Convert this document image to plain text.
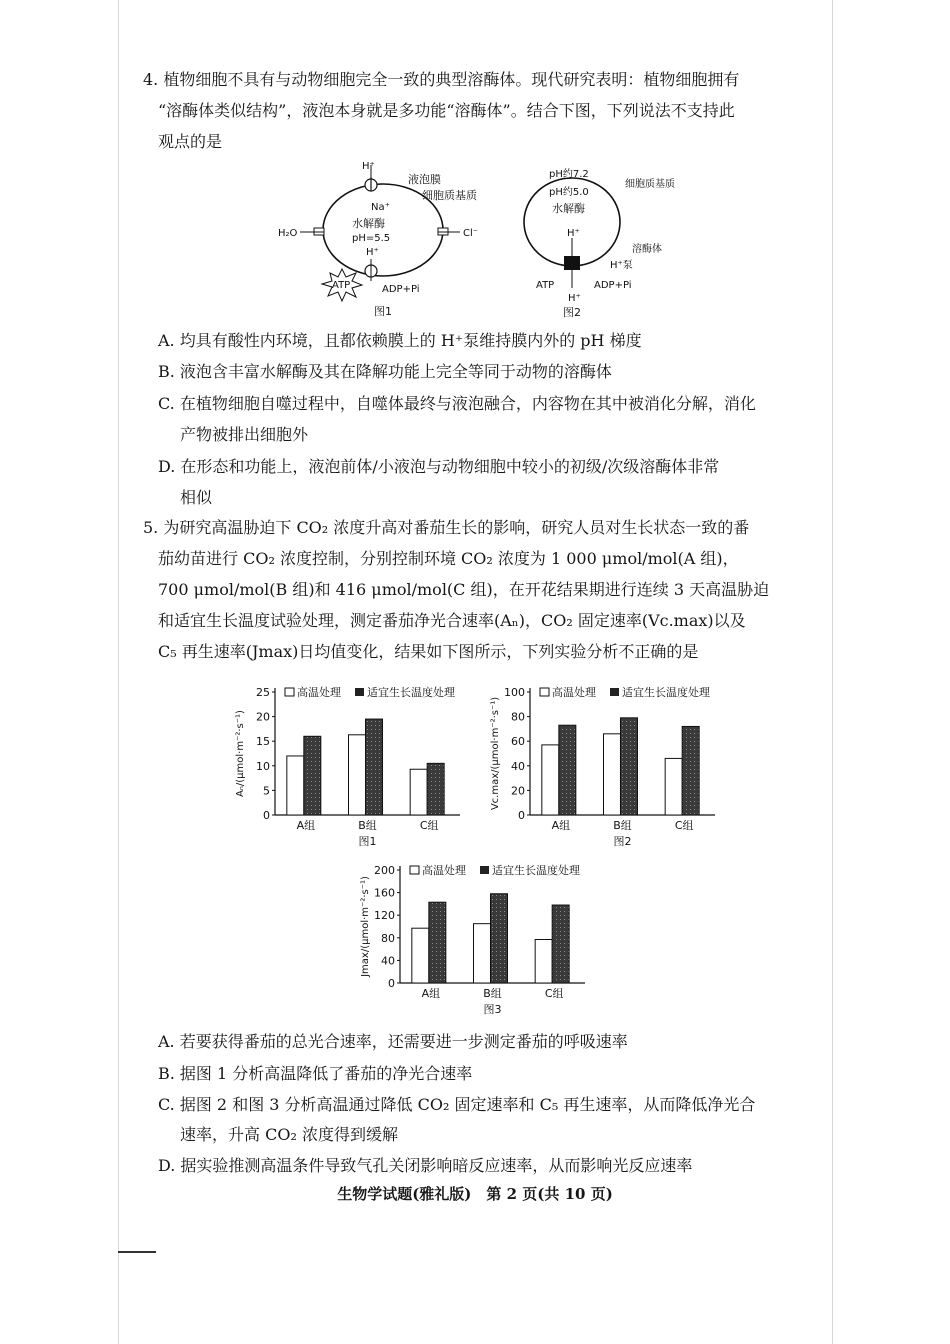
4. 植物细胞不具有与动物细胞完全一致的典型溶酶体。现代研究表明：植物细胞拥有
“溶酶体类似结构”，液泡本身就是多功能“溶酶体”。结合下图，下列说法不支持此
观点的是
H⁺
Na⁺
水解酶
pH=5.5
H⁺
H₂O	Cl⁻
ATP	ADP+Pi
液泡膜
细胞质基质
图1
pH约7.2
pH约5.0
水解酶
细胞质基质
H⁺
溶酶体
H⁺泵
ATP	ADP+Pi
H⁺
图2
A. 均具有酸性内环境，且都依赖膜上的 H⁺泵维持膜内外的 pH 梯度
B. 液泡含丰富水解酶及其在降解功能上完全等同于动物的溶酶体
C. 在植物细胞自噬过程中，自噬体最终与液泡融合，内容物在其中被消化分解，消化
产物被排出细胞外
D. 在形态和功能上，液泡前体/小液泡与动物细胞中较小的初级/次级溶酶体非常
相似
5. 为研究高温胁迫下 CO₂ 浓度升高对番茄生长的影响，研究人员对生长状态一致的番
茄幼苗进行 CO₂ 浓度控制，分别控制环境 CO₂ 浓度为 1 000 μmol/mol(A 组)，
700 μmol/mol(B 组)和 416 μmol/mol(C 组)，在开花结果期进行连续 3 天高温胁迫
和适宜生长温度试验处理，测定番茄净光合速率(Aₙ)，CO₂ 固定速率(Vc.max)以及
C₅ 再生速率(Jmax)日均值变化，结果如下图所示，下列实验分析不正确的是
Aₙ/(μmol·m⁻²·s⁻¹)
0
5
10
15
20
25 高温处理 适宜生长温度处理
A组	B组	C组
图1
Vc.max/(μmol·m⁻²·s⁻¹)
0
20
40
60
80
100 高温处理 适宜生长温度处理
A组	B组	C组
图2
Jmax/(μmol·m⁻²·s⁻¹)
0
40
80
120
160
200 高温处理 适宜生长温度处理
A组	B组	C组
图3
A. 若要获得番茄的总光合速率，还需要进一步测定番茄的呼吸速率
B. 据图 1 分析高温降低了番茄的净光合速率
C. 据图 2 和图 3 分析高温通过降低 CO₂ 固定速率和 C₅ 再生速率，从而降低净光合
速率，升高 CO₂ 浓度得到缓解
D. 据实验推测高温条件导致气孔关闭影响暗反应速率，从而影响光反应速率
生物学试题(雅礼版)　第 2 页(共 10 页)
